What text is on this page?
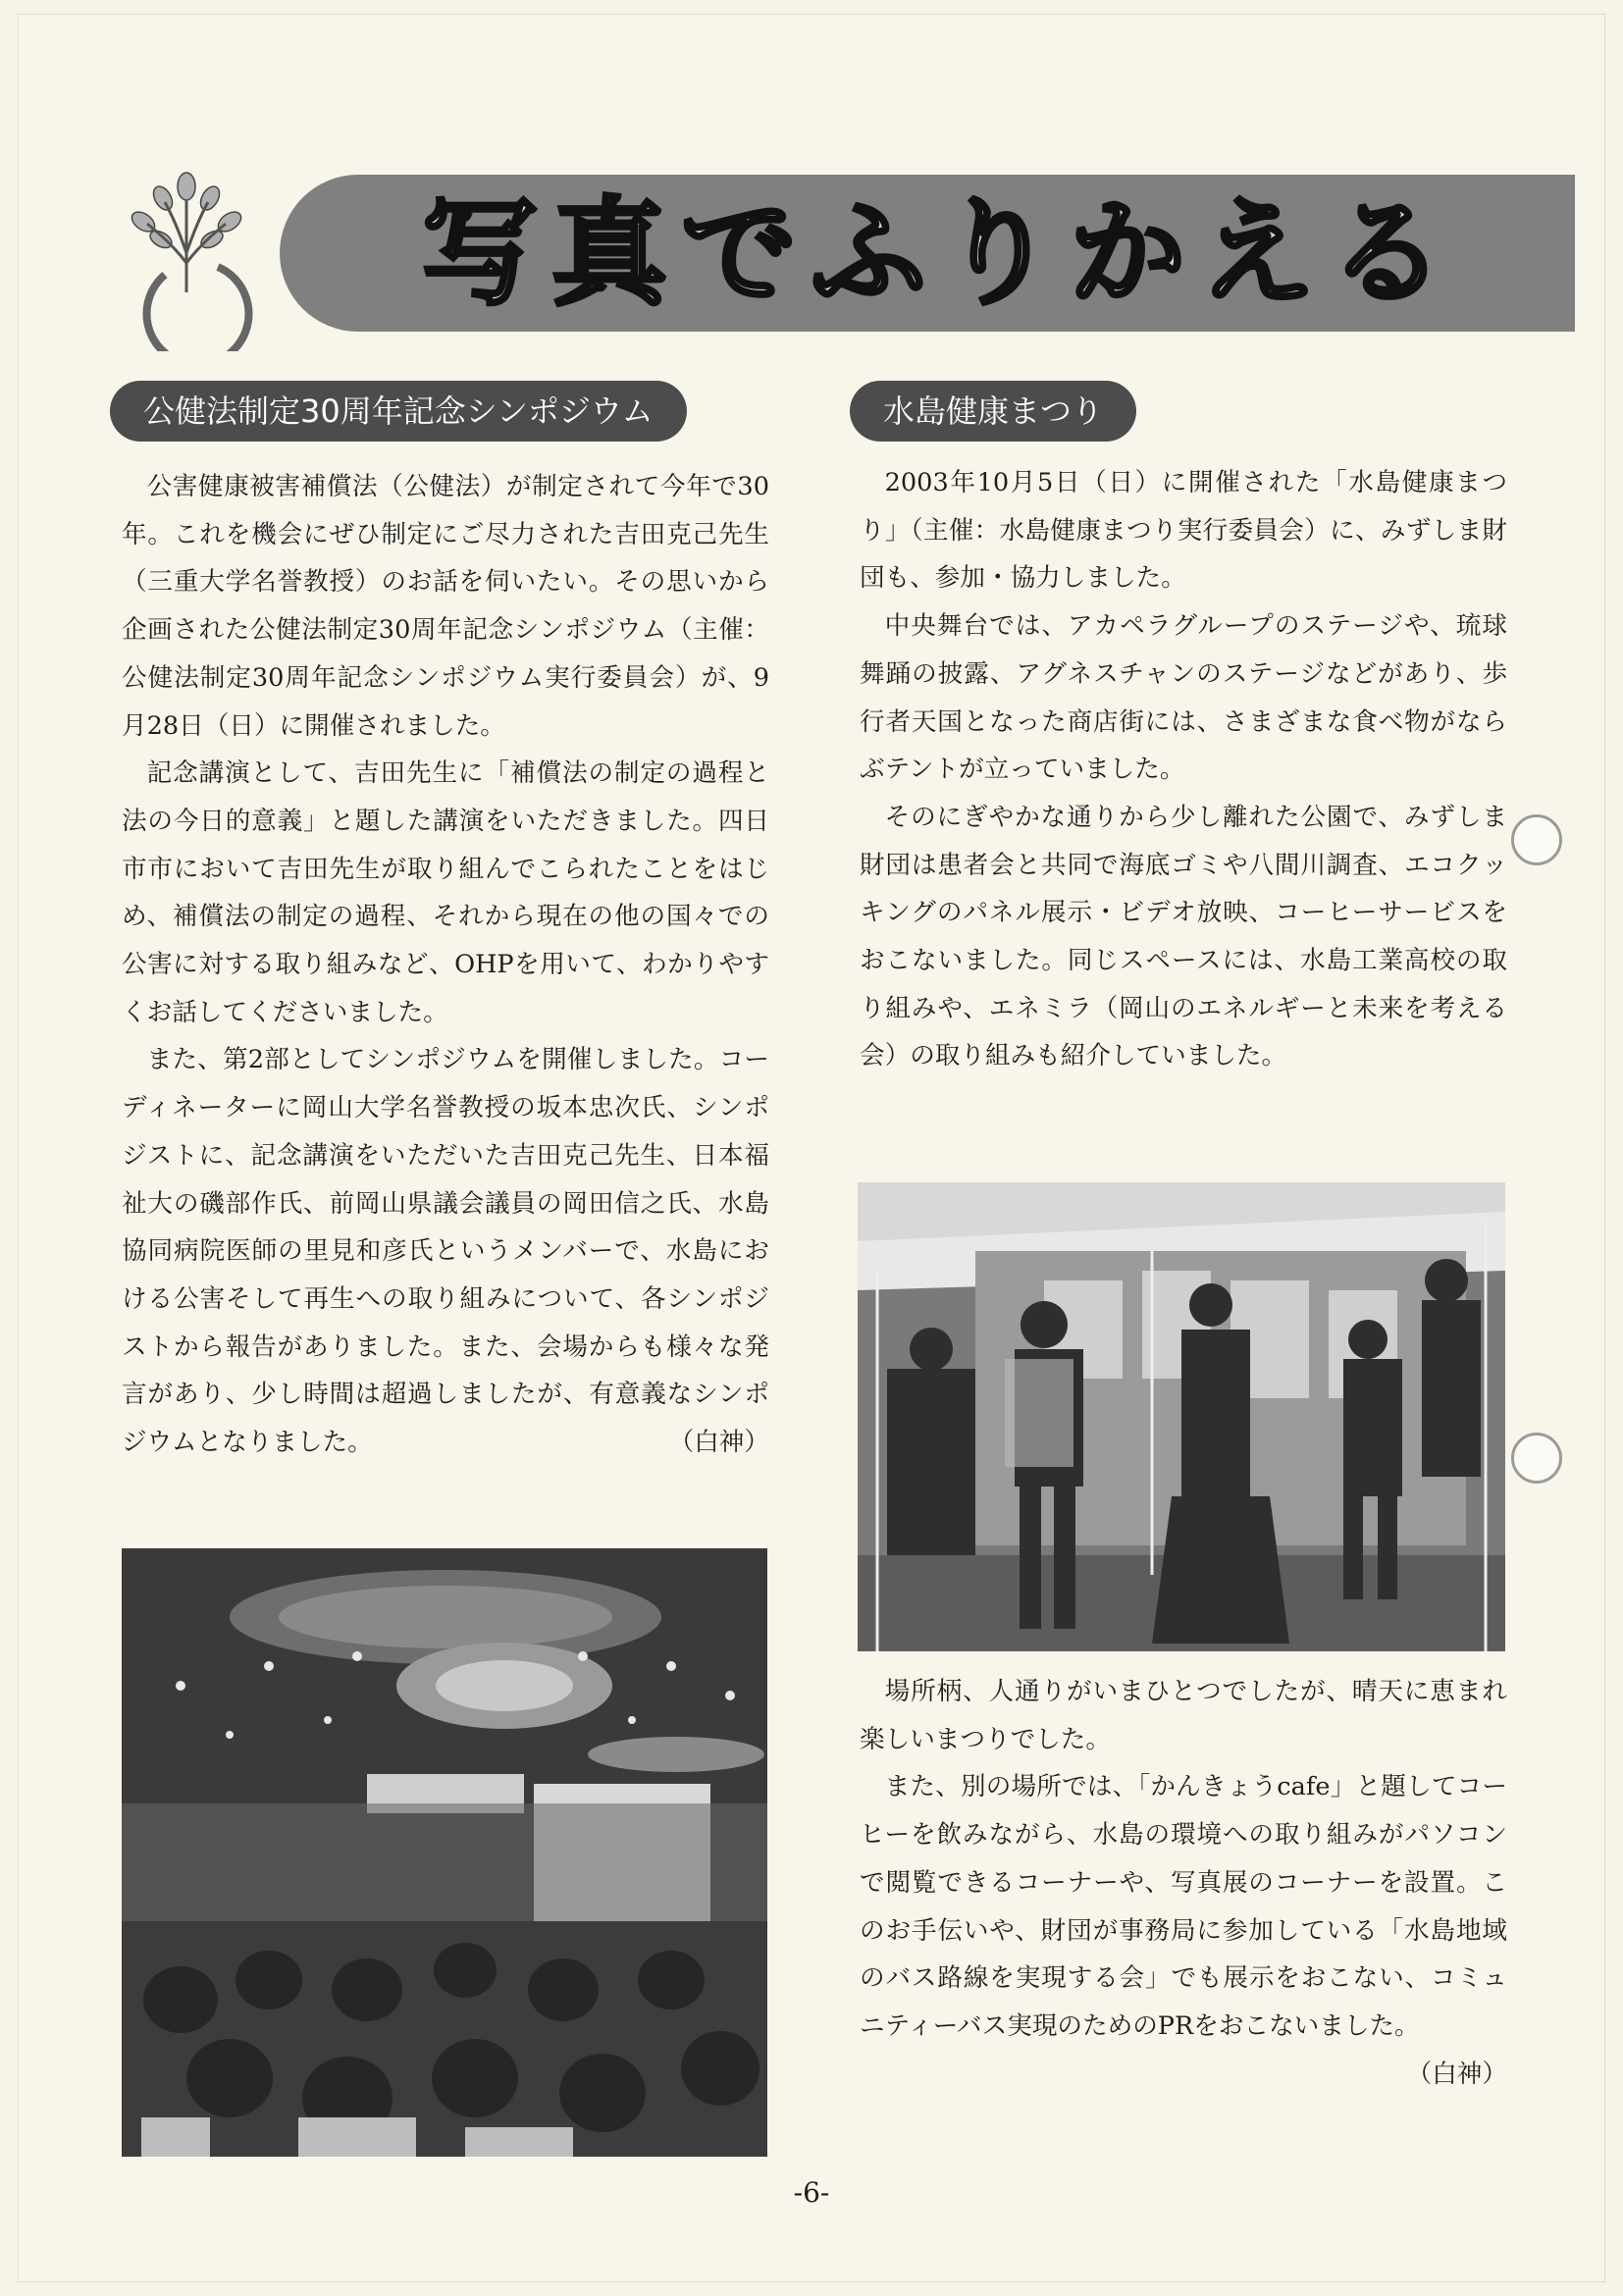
写真でふりかえる
公健法制定30周年記念シンポジウム

公害健康被害補償法（公健法）が制定されて今年で30年。これを機会にぜひ制定にご尽力された吉田克己先生（三重大学名誉教授）のお話を伺いたい。その思いから企画された公健法制定30周年記念シンポジウム（主催：公健法制定30周年記念シンポジウム実行委員会）が、9月28日（日）に開催されました。

記念講演として、吉田先生に「補償法の制定の過程と法の今日的意義」と題した講演をいただきました。四日市市において吉田先生が取り組んでこられたことをはじめ、補償法の制定の過程、それから現在の他の国々での公害に対する取り組みなど、OHPを用いて、わかりやすくお話してくださいました。

また、第2部としてシンポジウムを開催しました。コーディネーターに岡山大学名誉教授の坂本忠次氏、シンポジストに、記念講演をいただいた吉田克己先生、日本福祉大の磯部作氏、前岡山県議会議員の岡田信之氏、水島協同病院医師の里見和彦氏というメンバーで、水島における公害そして再生への取り組みについて、各シンポジストから報告がありました。また、会場からも様々な発言があり、少し時間は超過しましたが、有意義なシンポジウムとなりました。	（白神）

水島健康まつり

2003年10月5日（日）に開催された「水島健康まつり」（主催：水島健康まつり実行委員会）に、みずしま財団も、参加・協力しました。

中央舞台では、アカペラグループのステージや、琉球舞踊の披露、アグネスチャンのステージなどがあり、歩行者天国となった商店街には、さまざまな食べ物がならぶテントが立っていました。

そのにぎやかな通りから少し離れた公園で、みずしま財団は患者会と共同で海底ゴミや八間川調査、エコクッキングのパネル展示・ビデオ放映、コーヒーサービスをおこないました。同じスペースには、水島工業高校の取り組みや、エネミラ（岡山のエネルギーと未来を考える会）の取り組みも紹介していました。

場所柄、人通りがいまひとつでしたが、晴天に恵まれ楽しいまつりでした。

また、別の場所では、「かんきょうcafe」と題してコーヒーを飲みながら、水島の環境への取り組みがパソコンで閲覧できるコーナーや、写真展のコーナーを設置。このお手伝いや、財団が事務局に参加している「水島地域のバス路線を実現する会」でも展示をおこない、コミュニティーバス実現のためのPRをおこないました。

（白神）

-6-
